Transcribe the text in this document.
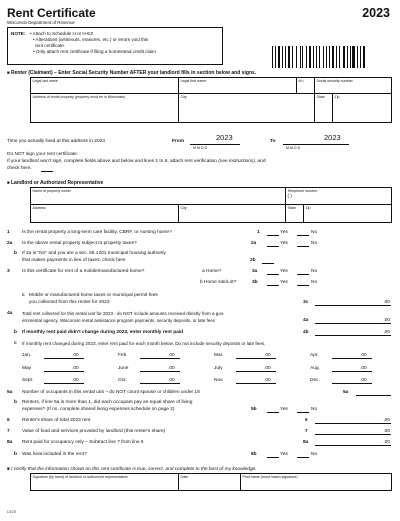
Rent Certificate
Wisconsin Department of Revenue
2023
NOTE: • Attach to Schedule H or H-EZ
• Alterations (whiteouts, erasures, etc.) or errors void this
rent certificate.
• Only attach rent certificate if filing a homestead credit claim
■ Renter (Claimant) – Enter Social Security Number AFTER your landlord fills in section below and signs.
Legal last name	Legal first name	M.I.	Social security number
Address of rental property (property must be in Wisconsin)	City	State	Zip
Time you actually lived at this address in 2023	From	2023
M M D D
To	2023
M M D D
Do NOT sign your rent certificate.
If your landlord won't sign, complete fields above and below and lines 1 to 8, attach rent verification (see instructions), and
check here.
■ Landlord or Authorized Representative
Name of property owner	Telephone number
( )
Address	City	State	Zip
1	Is the rental property a long-term care facility, CBRF, or nursing home?	1	Yes	No
2a Is the above rental property subject to property taxes?	2a	Yes	No
b If 2a is "No" and you are a sec. 66.1201 municipal housing authority
that makes payments in lieu of taxes, check here	2b
3	Is this certificate for rent of a mobile/manufactured home?	a Home?	3a	Yes	No
b Home site/Lot?	3b	Yes	No
c Mobile or manufactured home taxes or municipal permit fees
you collected from this renter for 2023	3c	.00
4a Total rent collected for this rental unit for 2023 - do NOT include amounts received directly from a gov-
ernmental agency, Wisconsin rental assistance program payments, security deposits, or late fees	4a	.00
b If monthly rent paid didn't change during 2023, enter monthly rent paid	4b	.00
c If monthly rent changed during 2023, enter rent paid for each month below. Do not include security deposits or late fees.
Jan.	.00	Feb.	.00	Mar.	.00	Apr.	.00
May	.00	June	.00	July	.00	Aug.	.00
Sept.	.00	Oct.	.00	Nov.	.00	Dec.	.00
5a Number of occupants in this rental unit – do NOT count spouse or children under 18	5a
b Renters, if line 5a is more than 1, did each occupant pay an equal share of living
expenses? (If no, complete shared living expenses schedule on page 2)	5b	Yes	No
6	Renter's share of total 2023 rent	6	.00
7	Value of food and services provided by landlord (this renter's share)	7	.00
8a Rent paid for occupancy only – Subtract line 7 from line 6	8a	.00
b Was heat included in the rent?	8b	Yes	No
■ I certify that the information shown on this rent certificate is true, correct, and complete to the best of my knowledge.
Signature (by hand) of landlord or authorized representative	Date	Print name (must match signature)
I-017i
